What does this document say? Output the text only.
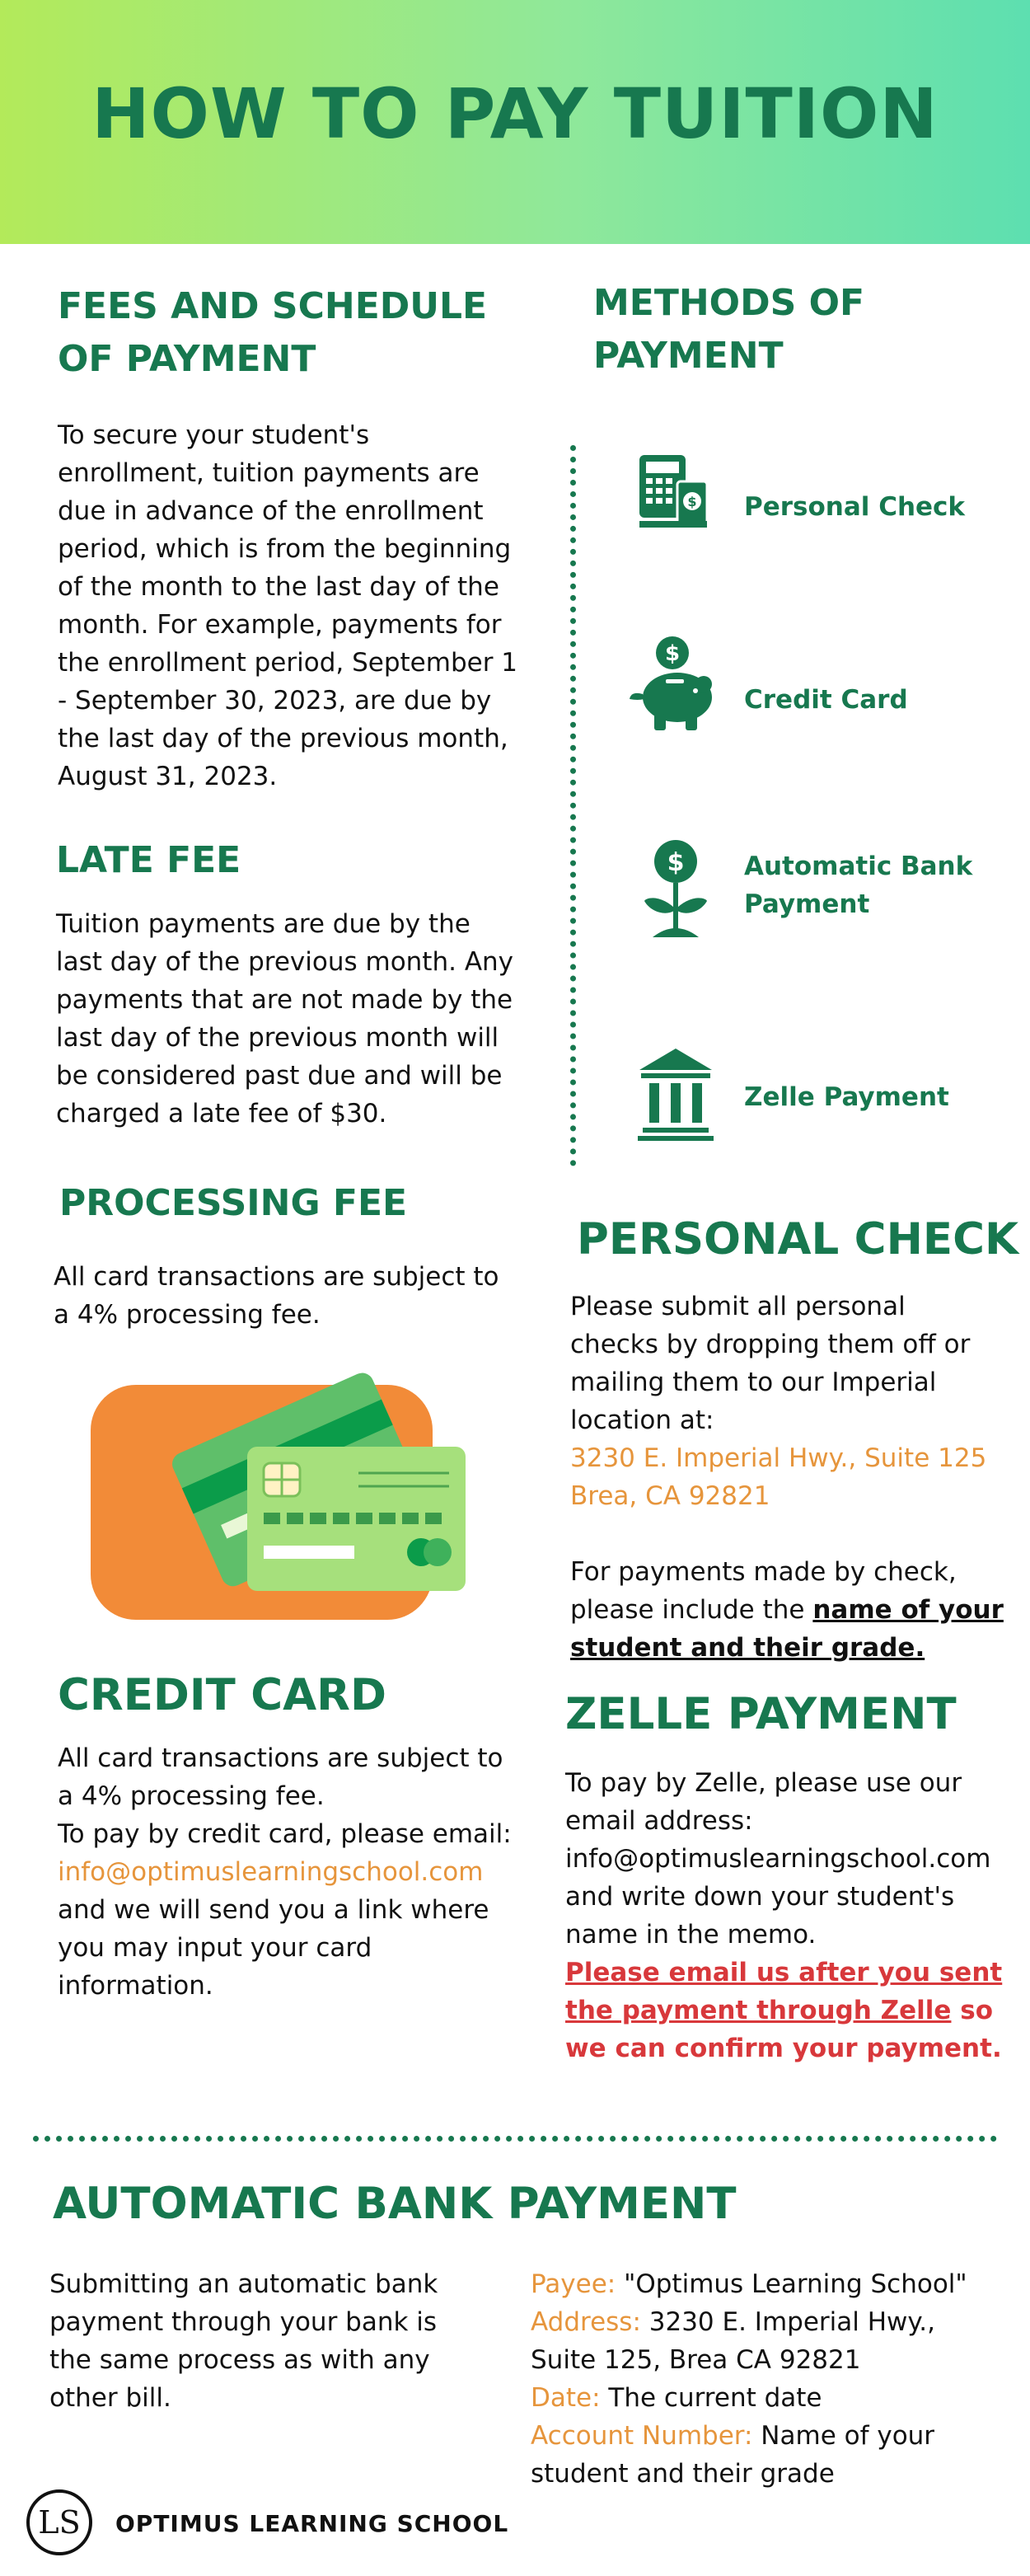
HOW TO PAY TUITION
FEES AND SCHEDULE
OF PAYMENT
To secure your student's
enrollment, tuition payments are
due in advance of the enrollment
period, which is from the beginning
of the month to the last day of the
month. For example, payments for
the enrollment period, September 1
- September 30, 2023, are due by
the last day of the previous month,
August 31, 2023.
LATE FEE
Tuition payments are due by the
last day of the previous month. Any
payments that are not made by the
last day of the previous month will
be considered past due and will be
charged a late fee of $30.
PROCESSING FEE
All card transactions are subject to
a 4% processing fee.
CREDIT CARD
All card transactions are subject to
a 4% processing fee.
To pay by credit card, please email:
info@optimuslearningschool.com
and we will send you a link where
you may input your card
information.
METHODS OF
PAYMENT
$ Personal Check
$
Credit Card
$ Automatic Bank
Payment
Zelle Payment
PERSONAL CHECK
Please submit all personal
checks by dropping them off or
mailing them to our Imperial
location at:
3230 E. Imperial Hwy., Suite 125
Brea, CA 92821
For payments made by check,
please include the name of your
student and their grade.
ZELLE PAYMENT
To pay by Zelle, please use our
email address:
info@optimuslearningschool.com
and write down your student's
name in the memo.
Please email us after you sent
the payment through Zelle so
we can confirm your payment.
AUTOMATIC BANK PAYMENT
Submitting an automatic bank
payment through your bank is
the same process as with any
other bill.
Payee: "Optimus Learning School"
Address: 3230 E. Imperial Hwy.,
Suite 125, Brea CA 92821
Date: The current date
Account Number: Name of your
student and their grade
LS OPTIMUS LEARNING SCHOOL
